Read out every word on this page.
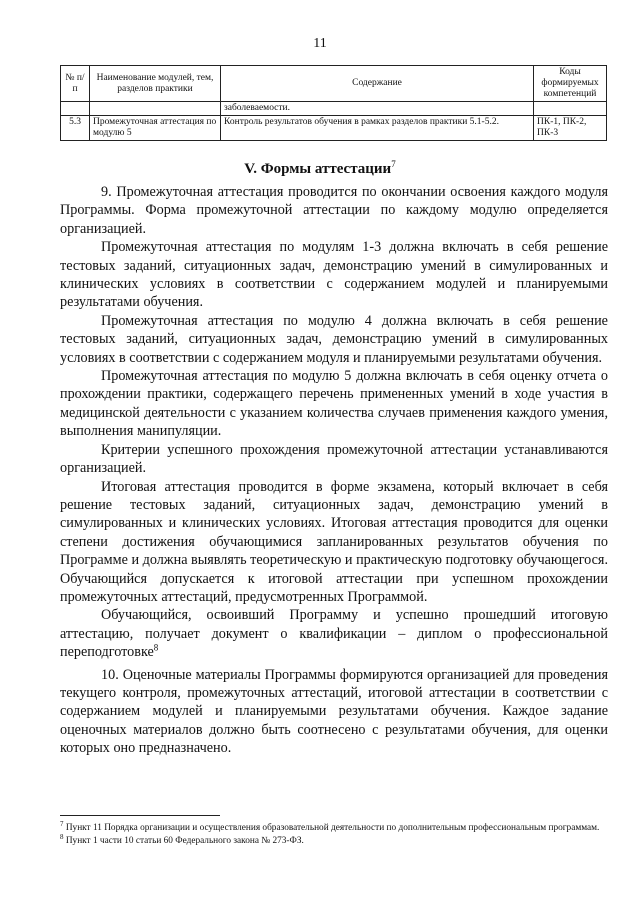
11
№ п/п	Наименование модулей, тем, разделов практики	Содержание	Коды формируемых компетенций
		заболеваемости.	
5.3	Промежуточная аттестация по модулю 5	Контроль результатов обучения в рамках разделов практики 5.1-5.2.	ПК-1, ПК-2, ПК-3
V. Формы аттестации$^7$

9. Промежуточная аттестация проводится по окончании освоения каждого модуля Программы. Форма промежуточной аттестации по каждому модулю определяется организацией.

Промежуточная аттестация по модулям 1-3 должна включать в себя решение тестовых заданий, ситуационных задач, демонстрацию умений в симулированных и клинических условиях в соответствии с содержанием модулей и планируемыми результатами обучения.

Промежуточная аттестация по модулю 4 должна включать в себя решение тестовых заданий, ситуационных задач, демонстрацию умений в симулированных условиях в соответствии с содержанием модуля и планируемыми результатами обучения.

Промежуточная аттестация по модулю 5 должна включать в себя оценку отчета о прохождении практики, содержащего перечень примененных умений в ходе участия в медицинской деятельности с указанием количества случаев применения каждого умения, выполнения манипуляции.

Критерии успешного прохождения промежуточной аттестации устанавливаются организацией.

Итоговая аттестация проводится в форме экзамена, который включает в себя решение тестовых заданий, ситуационных задач, демонстрацию умений в симулированных и клинических условиях. Итоговая аттестация проводится для оценки степени достижения обучающимися запланированных результатов обучения по Программе и должна выявлять теоретическую и практическую подготовку обучающегося. Обучающийся допускается к итоговой аттестации при успешном прохождении промежуточных аттестаций, предусмотренных Программой.

Обучающийся, освоивший Программу и успешно прошедший итоговую аттестацию, получает документ о квалификации – диплом о профессиональной переподготовке$^8$

10. Оценочные материалы Программы формируются организацией для проведения текущего контроля, промежуточных аттестаций, итоговой аттестации в соответствии с содержанием модулей и планируемыми результатами обучения. Каждое задание оценочных материалов должно быть соотнесено с результатами обучения, для оценки которых оно предназначено.

$^7$ Пункт 11 Порядка организации и осуществления образовательной деятельности по дополнительным профессиональным программам.

$^8$ Пункт 1 части 10 статьи 60 Федерального закона № 273-ФЗ.
